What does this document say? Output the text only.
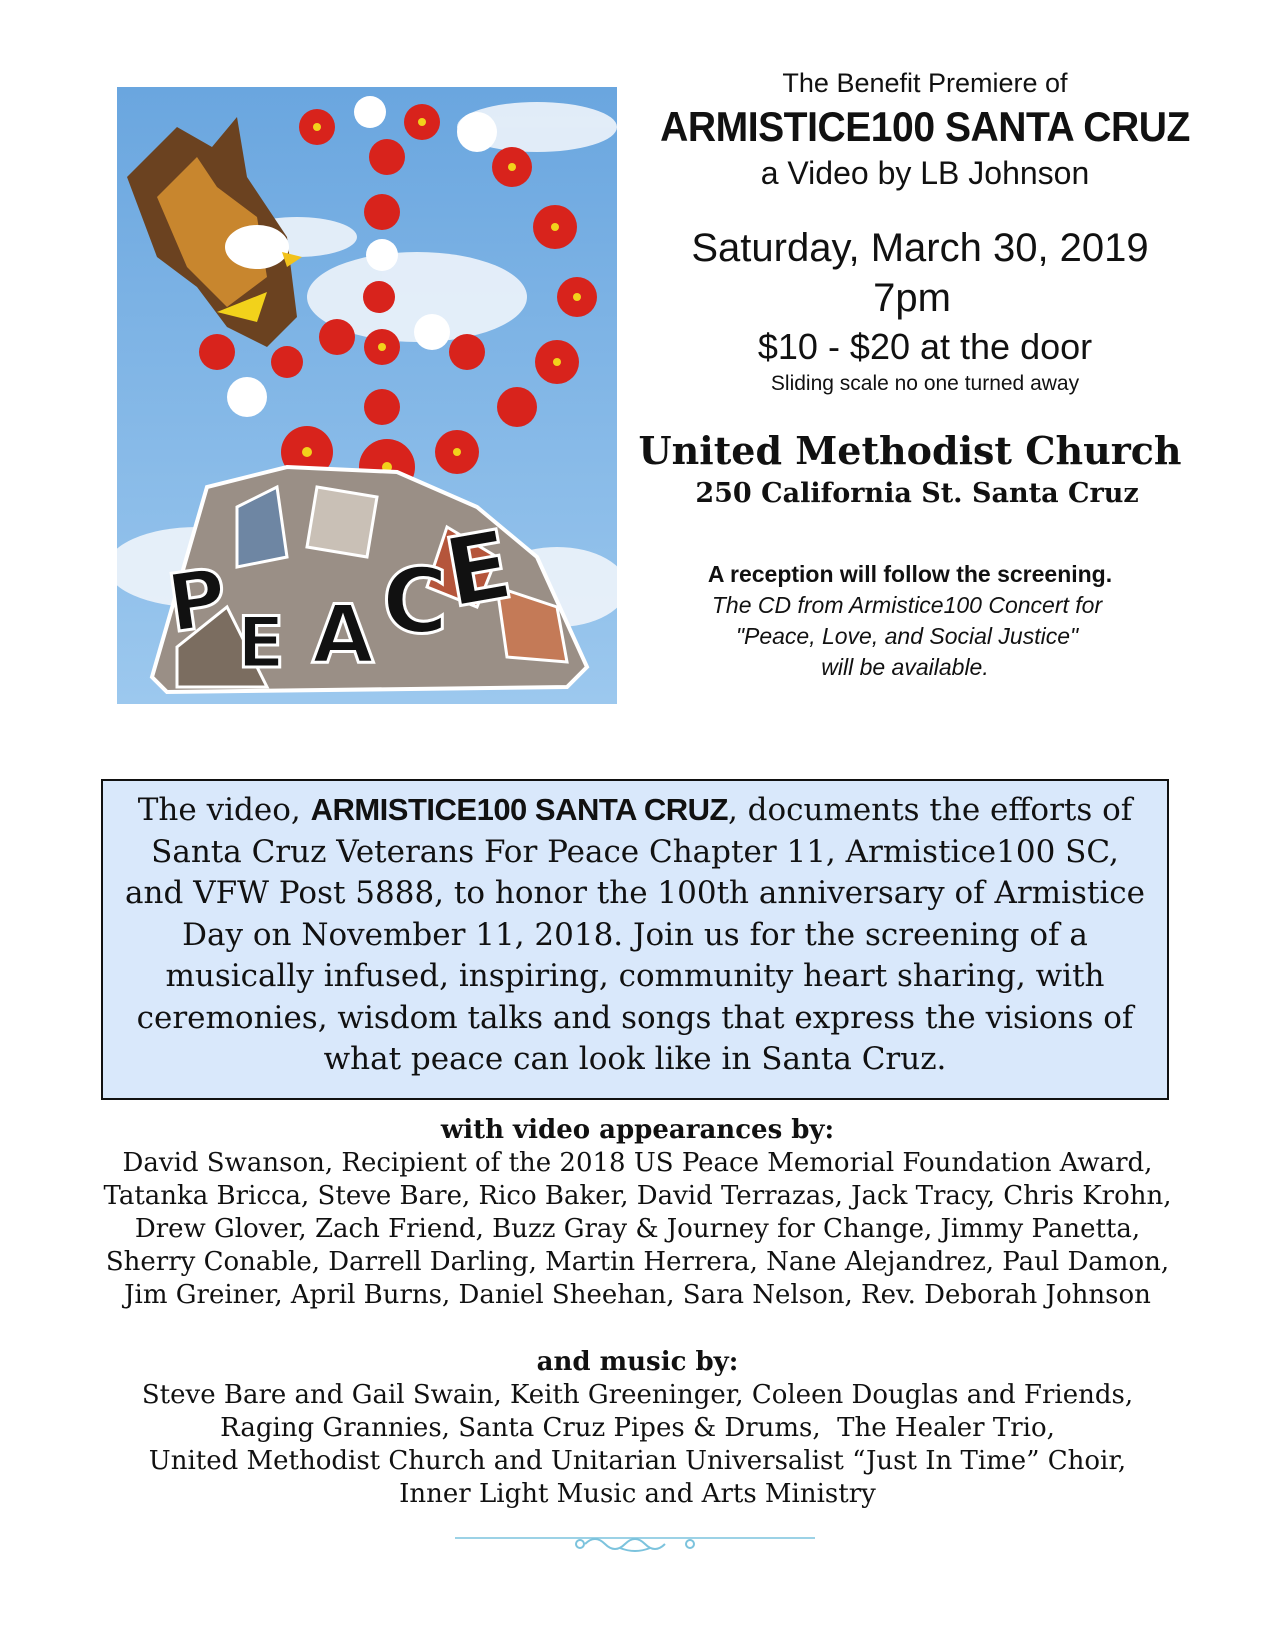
P E A C
E
The Benefit Premiere of
ARMISTICE100 SANTA CRUZ
a Video by LB Johnson
Saturday, March 30, 2019
7pm
$10 - $20 at the door
Sliding scale no one turned away
United Methodist Church
250 California St. Santa Cruz
A reception will follow the screening.
The CD from Armistice100 Concert for
"Peace, Love, and Social Justice"
will be available.
The video, ARMISTICE100 SANTA CRUZ, documents the efforts of Santa Cruz Veterans For Peace Chapter 11, Armistice100 SC, and VFW Post 5888, to honor the 100th anniversary of Armistice Day on November 11, 2018. Join us for the screening of a musically infused, inspiring, community heart sharing, with ceremonies, wisdom talks and songs that express the visions of what peace can look like in Santa Cruz.
with video appearances by:
David Swanson, Recipient of the 2018 US Peace Memorial Foundation Award,
Tatanka Bricca, Steve Bare, Rico Baker, David Terrazas, Jack Tracy, Chris Krohn,
Drew Glover, Zach Friend, Buzz Gray & Journey for Change, Jimmy Panetta,
Sherry Conable, Darrell Darling, Martin Herrera, Nane Alejandrez, Paul Damon,
Jim Greiner, April Burns, Daniel Sheehan, Sara Nelson, Rev. Deborah Johnson
and music by:
Steve Bare and Gail Swain, Keith Greeninger, Coleen Douglas and Friends,
Raging Grannies, Santa Cruz Pipes & Drums,  The Healer Trio,
United Methodist Church and Unitarian Universalist “Just In Time” Choir,
Inner Light Music and Arts Ministry
